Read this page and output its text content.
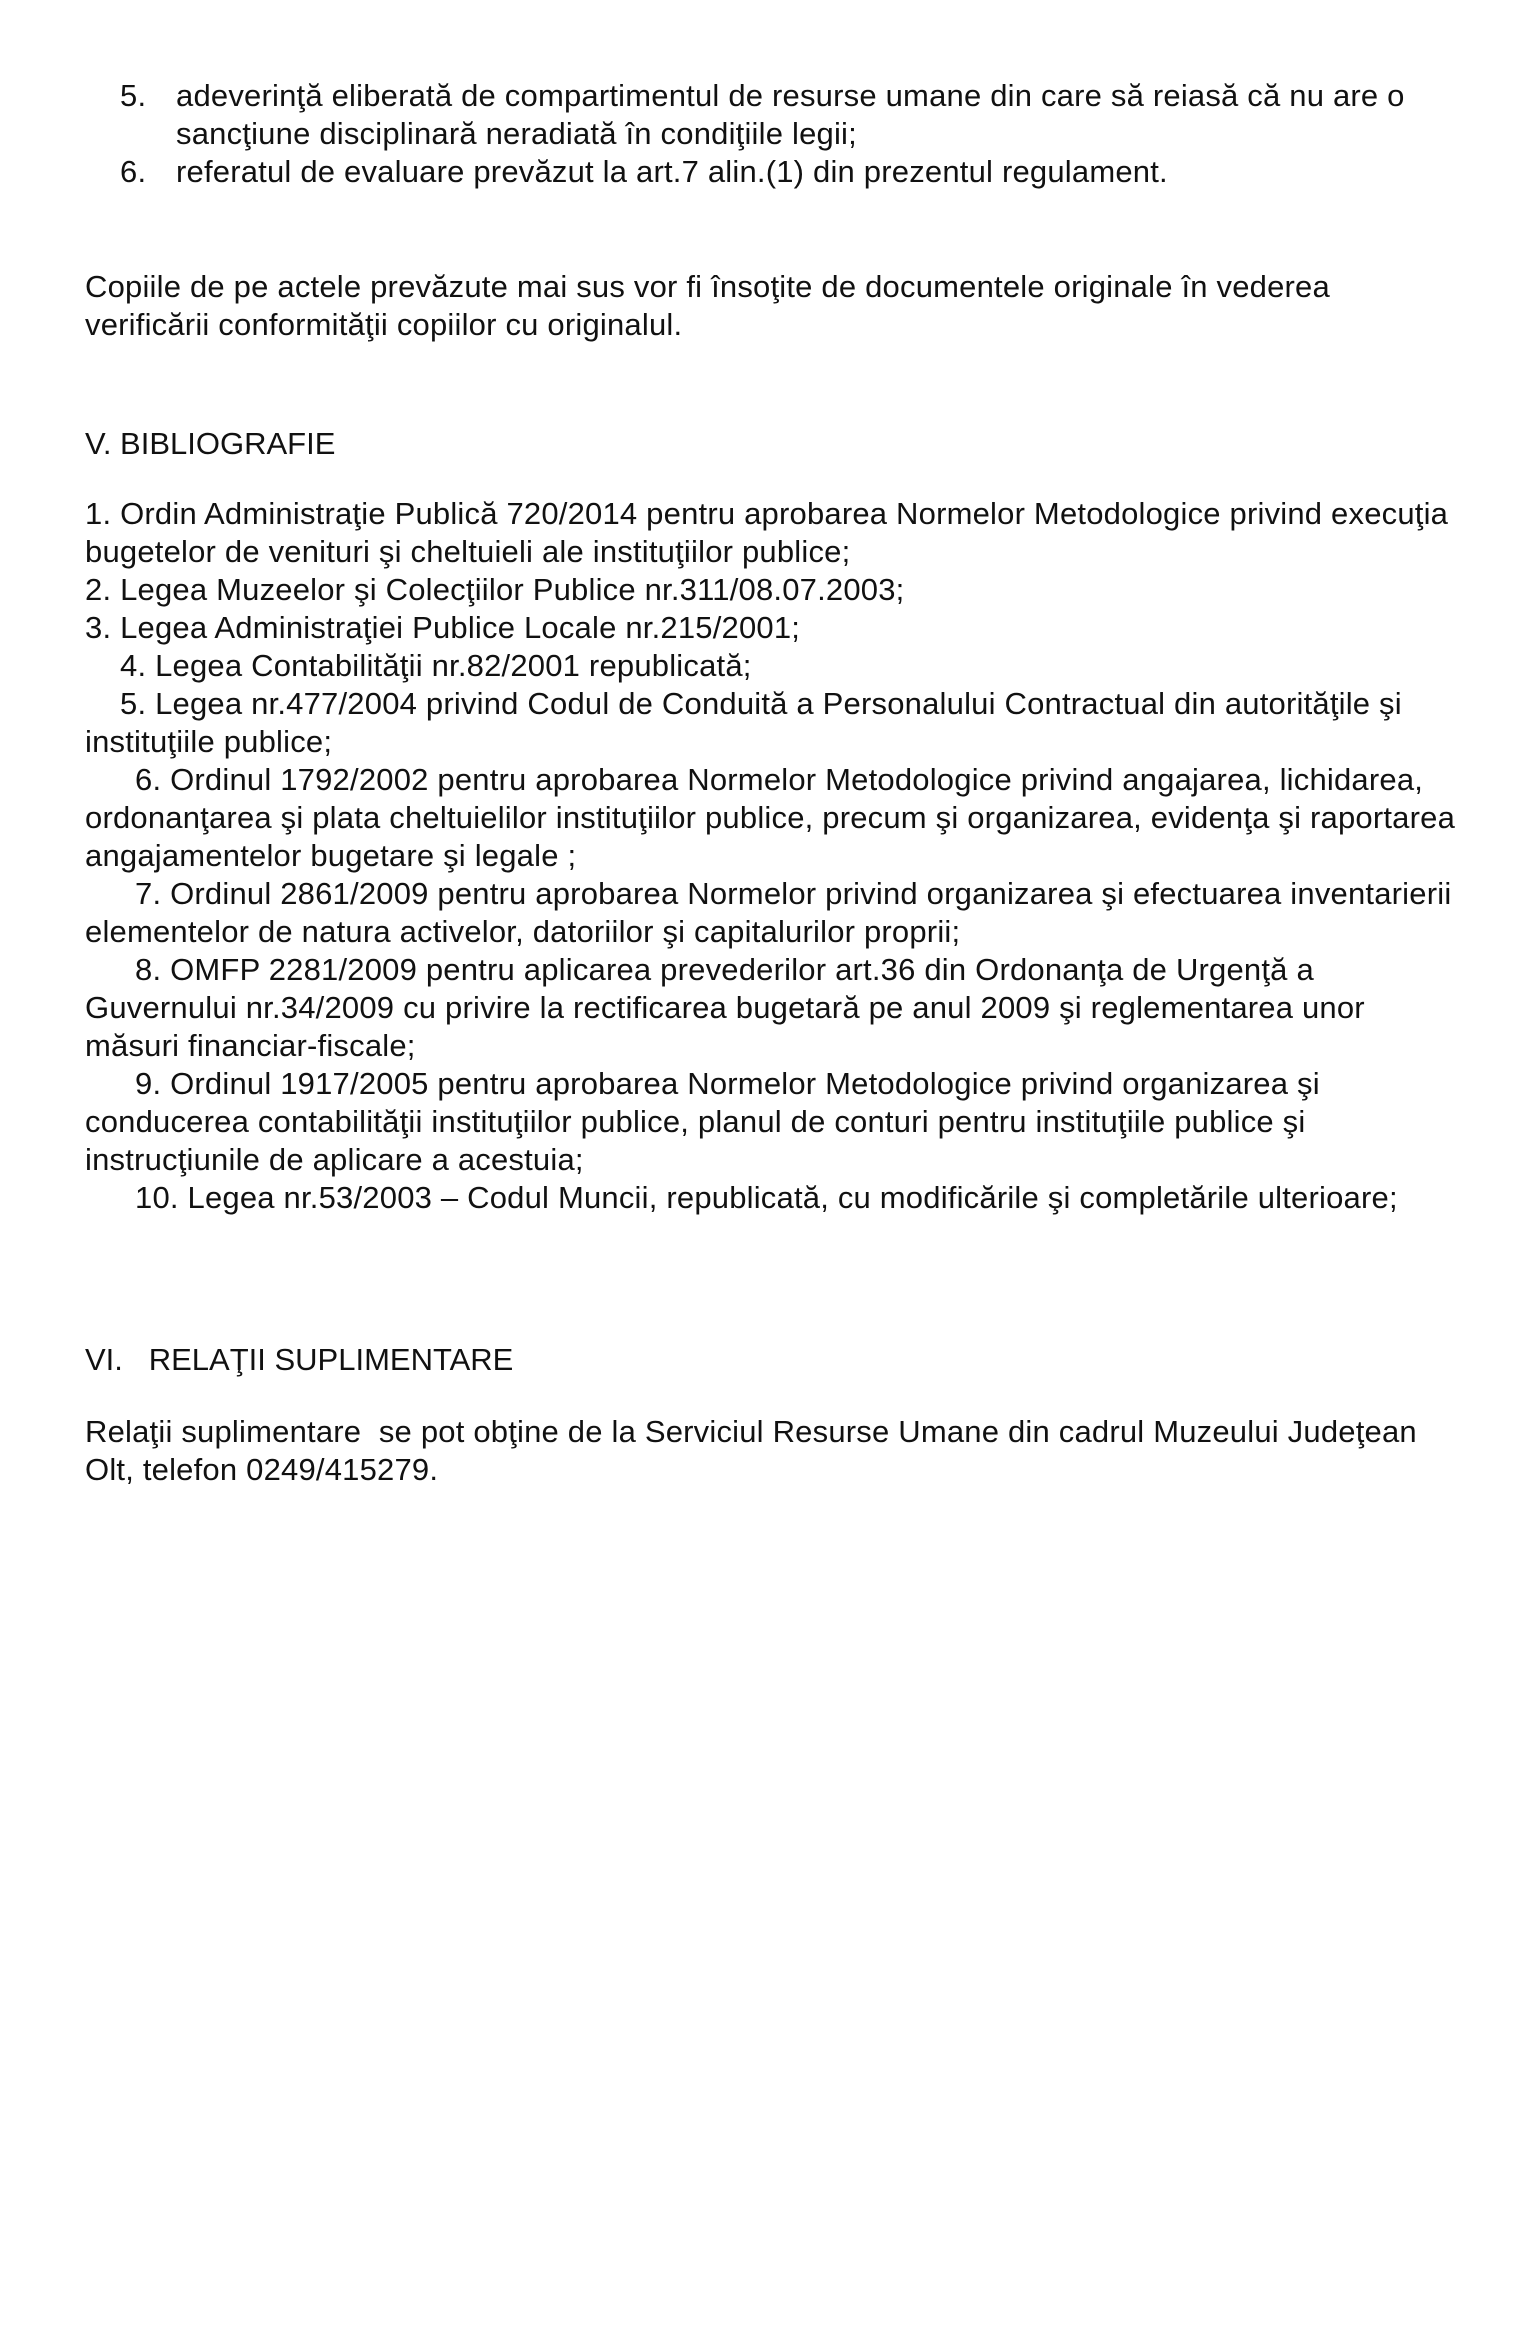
5. adeverinţă eliberată de compartimentul de resurse umane din care să reiasă că nu are o sancţiune disciplinară neradiată în condiţiile legii;
6. referatul de evaluare prevăzut la art.7 alin.(1) din prezentul regulament.

Copiile de pe actele prevăzute mai sus vor fi însoţite de documentele originale în vederea verificării conformităţii copiilor cu originalul.

V. BIBLIOGRAFIE

1. Ordin Administraţie Publică 720/2014 pentru aprobarea Normelor Metodologice privind execuţia bugetelor de venituri şi cheltuieli ale instituţiilor publice;

2. Legea Muzeelor şi Colecţiilor Publice nr.311/08.07.2003;

3. Legea Administraţiei Publice Locale nr.215/2001;

4. Legea Contabilităţii nr.82/2001 republicată;

5. Legea nr.477/2004 privind Codul de Conduită a Personalului Contractual din autorităţile şi instituţiile publice;

6. Ordinul 1792/2002 pentru aprobarea Normelor Metodologice privind angajarea, lichidarea, ordonanţarea şi plata cheltuielilor instituţiilor publice, precum şi organizarea, evidenţa şi raportarea angajamentelor bugetare şi legale ;

7. Ordinul 2861/2009 pentru aprobarea Normelor privind organizarea şi efectuarea inventarierii elementelor de natura activelor, datoriilor şi capitalurilor proprii;

8. OMFP 2281/2009 pentru aplicarea prevederilor art.36 din Ordonanţa de Urgenţă a Guvernului nr.34/2009 cu privire la rectificarea bugetară pe anul 2009 şi reglementarea unor măsuri financiar-fiscale;

9. Ordinul 1917/2005 pentru aprobarea Normelor Metodologice privind organizarea şi conducerea contabilităţii instituţiilor publice, planul de conturi pentru instituţiile publice şi instrucţiunile de aplicare a acestuia;

10. Legea nr.53/2003 – Codul Muncii, republicată, cu modificările şi completările ulterioare;

VI.   RELAŢII SUPLIMENTARE

Relaţii suplimentare  se pot obţine de la Serviciul Resurse Umane din cadrul Muzeului Judeţean Olt, telefon 0249/415279.
